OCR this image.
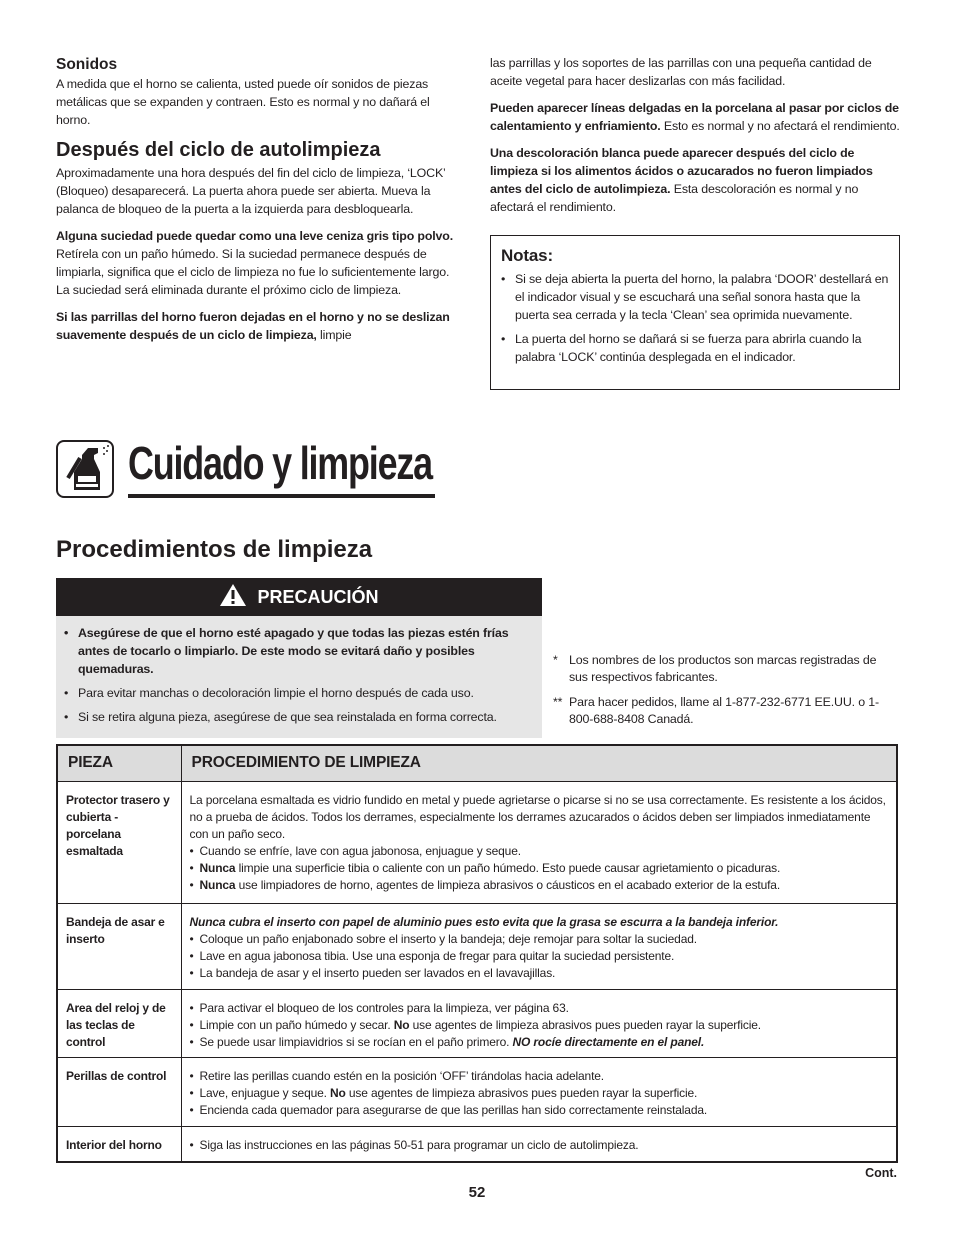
Sonidos

A medida que el horno se calienta, usted puede oír sonidos de piezas metálicas que se expanden y contraen. Esto es normal y no dañará el horno.

Después del ciclo de autolimpieza

Aproximadamente una hora después del fin del ciclo de limpieza, ‘LOCK’ (Bloqueo) desaparecerá. La puerta ahora puede ser abierta. Mueva la palanca de bloqueo de la puerta a la izquierda para desbloquearla.

Alguna suciedad puede quedar como una leve ceniza gris tipo polvo. Retírela con un paño húmedo. Si la suciedad permanece después de limpiarla, significa que el ciclo de limpieza no fue lo suficientemente largo. La suciedad será eliminada durante el próximo ciclo de limpieza.

Si las parrillas del horno fueron dejadas en el horno y no se deslizan suavemente después de un ciclo de limpieza, limpie

las parrillas y los soportes de las parrillas con una pequeña cantidad de aceite vegetal para hacer deslizarlas con más facilidad.

Pueden aparecer líneas delgadas en la porcelana al pasar por ciclos de calentamiento y enfriamiento. Esto es normal y no afectará el rendimiento.

Una descoloración blanca puede aparecer después del ciclo de limpieza si los alimentos ácidos o azucarados no fueron limpiados antes del ciclo de autolimpieza. Esta descoloración es normal y no afectará el rendimiento.

Notas:
• Si se deja abierta la puerta del horno, la palabra ‘DOOR’ destellará en el indicador visual y se escuchará una señal sonora hasta que la puerta sea cerrada y la tecla ‘Clean’ sea oprimida nuevamente.
• La puerta del horno se dañará si se fuerza para abrirla cuando la palabra ‘LOCK’ continúa desplegada en el indicador.
Cuidado y limpieza
Procedimientos de limpieza
PRECAUCIÓN
• Asegúrese de que el horno esté apagado y que todas las piezas estén frías antes de tocarlo o limpiarlo. De este modo se evitará daño y posibles quemaduras.
• Para evitar manchas o decoloración limpie el horno después de cada uso.
• Si se retira alguna pieza, asegúrese de que sea reinstalada en forma correcta.
* Los nombres de los productos son marcas registradas de sus respectivos fabricantes.
** Para hacer pedidos, llame al 1-877-232-6771 EE.UU. o 1-800-688-8408 Canadá.
PIEZA	PROCEDIMIENTO DE LIMPIEZA
Protector trasero y cubierta - porcelana esmaltada	La porcelana esmaltada es vidrio fundido en metal y puede agrietarse o picarse si no se usa correctamente. Es resistente a los ácidos, no a prueba de ácidos. Todos los derrames, especialmente los derrames azucarados o ácidos deben ser limpiados inmediatamente con un paño seco.
• Cuando se enfríe, lave con agua jabonosa, enjuague y seque.
• Nunca limpie una superficie tibia o caliente con un paño húmedo. Esto puede causar agrietamiento o picaduras.
• Nunca use limpiadores de horno, agentes de limpieza abrasivos o cáusticos en el acabado exterior de la estufa.

Bandeja de asar e inserto	Nunca cubra el inserto con papel de aluminio pues esto evita que la grasa se escurra a la bandeja inferior.
• Coloque un paño enjabonado sobre el inserto y la bandeja; deje remojar para soltar la suciedad.
• Lave en agua jabonosa tibia. Use una esponja de fregar para quitar la suciedad persistente.
• La bandeja de asar y el inserto pueden ser lavados en el lavavajillas.

Area del reloj y de las teclas de control	• Para activar el bloqueo de los controles para la limpieza, ver página 63.
• Limpie con un paño húmedo y secar. No use agentes de limpieza abrasivos pues pueden rayar la superficie.
• Se puede usar limpiavidrios si se rocían en el paño primero. NO rocíe directamente en el panel.

Perillas de control	• Retire las perillas cuando estén en la posición ‘OFF’ tirándolas hacia adelante.
• Lave, enjuague y seque. No use agentes de limpieza abrasivos pues pueden rayar la superficie.
• Encienda cada quemador para asegurarse de que las perillas han sido correctamente reinstalada.

Interior del horno	• Siga las instrucciones en las páginas 50-51 para programar un ciclo de autolimpieza.
Cont.
52
